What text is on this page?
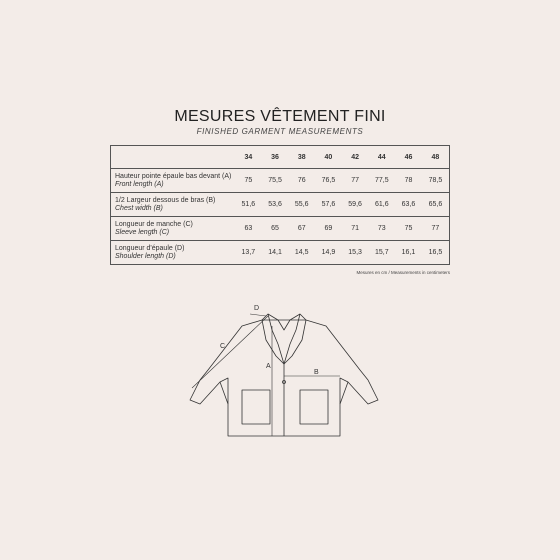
MESURES VÊTEMENT FINI
FINISHED GARMENT MEASUREMENTS
	34	36	38	40	42	44	46	48

Hauteur pointe épaule bas devant (A)
Front length (A)	75	75,5	76	76,5	77	77,5	78	78,5

1/2 Largeur dessous de bras (B)
Chest width (B)	51,6	53,6	55,6	57,6	59,6	61,6	63,6	65,6

Longueur de manche (C)
Sleeve length (C)	63	65	67	69	71	73	75	77

Longueur d'épaule (D)
Shoulder length (D)	13,7	14,1	14,5	14,9	15,3	15,7	16,1	16,5
Mesures en cm / Measurements in centimeters
A
B
C
D
